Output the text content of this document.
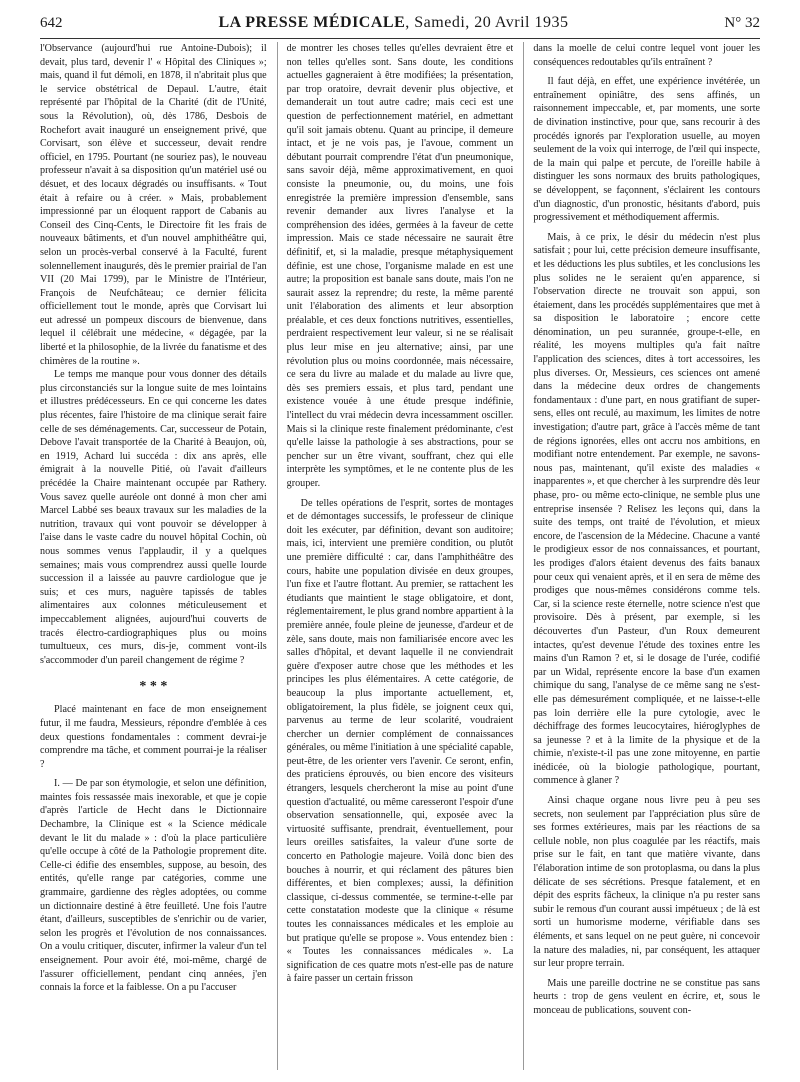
642	LA PRESSE MÉDICALE, Samedi, 20 Avril 1935	N° 32

l'Observance (aujourd'hui rue Antoine-Dubois); il devait, plus tard, devenir l' « Hôpital des Cliniques »; mais, quand il fut démoli, en 1878, il n'abritait plus que le service obstétrical de Depaul. L'autre, était représenté par l'hôpital de la Charité (dit de l'Unité, sous la Révolution), où, dès 1786, Desbois de Rochefort avait inauguré un enseignement privé, que Corvisart, son élève et successeur, devait rendre officiel, en 1795. Pourtant (ne souriez pas), le nouveau professeur n'avait à sa disposition qu'un matériel usé ou désuet, et des locaux dégradés ou insuffisants. « Tout était à refaire ou à créer. » Mais, probablement impressionné par un éloquent rapport de Cabanis au Conseil des Cinq-Cents, le Directoire fit les frais de nouveaux bâtiments, et d'un nouvel amphithéâtre qui, selon un procès-verbal conservé à la Faculté, furent solennellement inaugurés, dès le premier prairial de l'an VII (20 Mai 1799), par le Ministre de l'Intérieur, François de Neufchâteau; ce dernier félicita officiellement tout le monde, après que Corvisart lui eut adressé un pompeux discours de bienvenue, dans lequel il célébrait une médecine, « dégagée, par la liberté et la philosophie, de la livrée du fanatisme et des chimères de la routine ».

Le temps me manque pour vous donner des détails plus circonstanciés sur la longue suite de mes lointains et illustres prédécesseurs. En ce qui concerne les dates plus récentes, faire l'histoire de ma clinique serait faire celle de ses déménagements. Car, successeur de Potain, Debove l'avait transportée de la Charité à Beaujon, où, en 1919, Achard lui succéda : dix ans après, elle émigrait à la nouvelle Pitié, où l'avait d'ailleurs précédée la Chaire maintenant occupée par Rathery. Vous savez quelle auréole ont donné à mon cher ami Marcel Labbé ses beaux travaux sur les maladies de la nutrition, travaux qui vont pouvoir se développer à l'aise dans le vaste cadre du nouvel hôpital Cochin, où nous sommes venus l'applaudir, il y a quelques semaines; mais vous comprendrez aussi quelle lourde succession il a laissée au pauvre cardiologue que je suis; et ces murs, naguère tapissés de tables alimentaires aux colonnes méticuleusement et impeccablement alignées, aujourd'hui couverts de tracés électro-cardiographiques plus ou moins tumultueux, ces murs, dis-je, comment vont-ils s'accommoder d'un pareil changement de régime ?

* * *

Placé maintenant en face de mon enseignement futur, il me faudra, Messieurs, répondre d'emblée à ces deux questions fondamentales : comment devrai-je comprendre ma tâche, et comment pourrai-je la réaliser ?

I. — De par son étymologie, et selon une définition, maintes fois ressassée mais inexorable, et que je copie d'après l'article de Hecht dans le Dictionnaire Dechambre, la Clinique est « la Science médicale devant le lit du malade » : d'où la place particulière qu'elle occupe à côté de la Pathologie proprement dite. Celle-ci édifie des ensembles, suppose, au besoin, des entités, qu'elle range par catégories, comme une grammaire, gardienne des règles adoptées, ou comme un dictionnaire destiné à être feuilleté. Une fois l'autre étant, d'ailleurs, susceptibles de s'enrichir ou de varier, selon les progrès et l'évolution de nos connaissances. On a voulu critiquer, discuter, infirmer la valeur d'un tel enseignement. Pour avoir été, moi-même, chargé de l'assurer officiellement, pendant cinq années, j'en connais la force et la faiblesse. On a pu l'accuser

de montrer les choses telles qu'elles devraient être et non telles qu'elles sont. Sans doute, les conditions actuelles gagneraient à être modifiées; la présentation, par trop oratoire, devrait devenir plus objective, et demanderait un tout autre cadre; mais ceci est une question de perfectionnement matériel, en admettant qu'il soit jamais obtenu. Quant au principe, il demeure intact, et je ne vois pas, je l'avoue, comment un débutant pourrait comprendre l'état d'un pneumonique, sans savoir déjà, même approximativement, en quoi consiste la pneumonie, ou, du moins, une fois enregistrée la première impression d'ensemble, sans revenir demander aux livres l'analyse et la compréhension des idées, germées à la faveur de cette impression. Mais ce stade nécessaire ne saurait être définitif, et, si la maladie, presque métaphysiquement définie, est une chose, l'organisme malade en est une autre; la proposition est banale sans doute, mais l'on ne saurait assez la reprendre; du reste, la même parenté unit l'élaboration des aliments et leur absorption préalable, et ces deux fonctions nutritives, essentielles, perdraient respectivement leur valeur, si ne se réalisait plus leur mise en jeu alternative; ainsi, par une révolution plus ou moins coordonnée, mais nécessaire, ce sera du livre au malade et du malade au livre que, dès ses premiers essais, et plus tard, pendant une existence vouée à une étude presque indéfinie, l'intellect du vrai médecin devra incessamment osciller. Mais si la clinique reste finalement prédominante, c'est qu'elle laisse la pathologie à ses abstractions, pour se pencher sur un être vivant, souffrant, chez qui elle interprète les symptômes, et le ne contente plus de les grouper.

De telles opérations de l'esprit, sortes de montages et de démontages successifs, le professeur de clinique doit les exécuter, par définition, devant son auditoire; mais, ici, intervient une première condition, ou plutôt une première difficulté : car, dans l'amphithéâtre des cours, habite une population divisée en deux groupes, l'un fixe et l'autre flottant. Au premier, se rattachent les étudiants que maintient le stage obligatoire, et dont, réglementairement, le plus grand nombre appartient à la première année, foule pleine de jeunesse, d'ardeur et de zèle, sans doute, mais non familiarisée encore avec les salles d'hôpital, et devant laquelle il ne conviendrait guère d'exposer autre chose que les méthodes et les principes les plus élémentaires. A cette catégorie, de beaucoup la plus importante actuellement, et, obligatoirement, la plus fidèle, se joignent ceux qui, parvenus au terme de leur scolarité, voudraient chercher un dernier complément de connaissances générales, ou même l'initiation à une spécialité capable, peut-être, de les orienter vers l'avenir. Ce seront, enfin, des praticiens éprouvés, ou bien encore des visiteurs étrangers, lesquels chercheront la mise au point d'une question d'actualité, ou même caresseront l'espoir d'une observation sensationnelle, qui, exposée avec la virtuosité suffisante, prendrait, éventuellement, pour leurs oreilles satisfaites, la valeur d'une sorte de concerto en Pathologie majeure. Voilà donc bien des bouches à nourrir, et qui réclament des pâtures bien différentes, et bien complexes; aussi, la définition classique, ci-dessus commentée, se termine-t-elle par cette constatation modeste que la clinique « résume toutes les connaissances médicales et les emploie au but pratique qu'elle se propose ». Vous entendez bien : « Toutes les connaissances médicales ». La signification de ces quatre mots n'est-elle pas de nature à faire passer un certain frisson

dans la moelle de celui contre lequel vont jouer les conséquences redoutables qu'ils entraînent ?

Il faut déjà, en effet, une expérience invétérée, un entraînement opiniâtre, des sens affinés, un raisonnement impeccable, et, par moments, une sorte de divination instinctive, pour que, sans recourir à des procédés ignorés par l'exploration usuelle, au moyen seulement de la voix qui interroge, de l'œil qui inspecte, de la main qui palpe et percute, de l'oreille habile à distinguer les sons normaux des bruits pathologiques, se développent, se façonnent, s'éclairent les contours d'un diagnostic, d'un pronostic, hésitants d'abord, puis progressivement et méthodiquement affermis.

Mais, à ce prix, le désir du médecin n'est plus satisfait ; pour lui, cette précision demeure insuffisante, et les déductions les plus subtiles, et les conclusions les plus solides ne le seraient qu'en apparence, si l'observation directe ne trouvait son appui, son étaiement, dans les procédés supplémentaires que met à sa disposition le laboratoire ; encore cette dénomination, un peu surannée, groupe-t-elle, en réalité, les moyens multiples qu'a fait naître l'application des sciences, dites à tort accessoires, les plus diverses. Or, Messieurs, ces sciences ont amené dans la médecine deux ordres de changements fondamentaux : d'une part, en nous gratifiant de super-sens, elles ont reculé, au maximum, les limites de notre investigation; d'autre part, grâce à l'accès même de tant de régions ignorées, elles ont accru nos ambitions, en modifiant notre entendement. Par exemple, ne savons-nous pas, maintenant, qu'il existe des maladies « inapparentes », et que chercher à les surprendre dès leur phase, pro- ou même ecto-clinique, ne semble plus une entreprise insensée ? Relisez les leçons qui, dans la suite des temps, ont traité de l'évolution, et mieux encore, de l'ascension de la Médecine. Chacune a vanté le prodigieux essor de nos connaissances, et pourtant, les prodiges d'alors étaient devenus des faits banaux pour ceux qui venaient après, et il en sera de même des prodiges que nous-mêmes considérons comme tels. Car, si la science reste éternelle, notre science n'est que provisoire. Dès à présent, par exemple, si les découvertes d'un Pasteur, d'un Roux demeurent intactes, qu'est devenue l'étude des toxines entre les mains d'un Ramon ? et, si le dosage de l'urée, codifié par un Widal, représente encore la base d'un examen chimique du sang, l'analyse de ce même sang ne s'est-elle pas démesurément compliquée, et ne laisse-t-elle pas loin derrière elle la pure cytologie, avec le déchiffrage des formes leucocytaires, hiéroglyphes de sa jeunesse ? et à la limite de la physique et de la chimie, n'existe-t-il pas une zone mitoyenne, en partie inédicée, où la biologie pathologique, pourtant, commence à glaner ?

Ainsi chaque organe nous livre peu à peu ses secrets, non seulement par l'appréciation plus sûre de ses formes extérieures, mais par les réactions de sa cellule noble, non plus coagulée par les réactifs, mais prise sur le fait, en tant que matière vivante, dans l'élaboration intime de son protoplasma, ou dans la plus délicate de ses sécrétions. Presque fatalement, et en dépit des esprits fâcheux, la clinique n'a pu rester sans subir le remous d'un courant aussi impétueux ; de là est sorti un humorisme moderne, vérifiable dans ses éléments, et sans lequel on ne peut guère, ni concevoir la nature des maladies, ni, par conséquent, les attaquer sur leur propre terrain.

Mais une pareille doctrine ne se constitue pas sans heurts : trop de gens veulent en écrire, et, sous le monceau de publications, souvent con-
